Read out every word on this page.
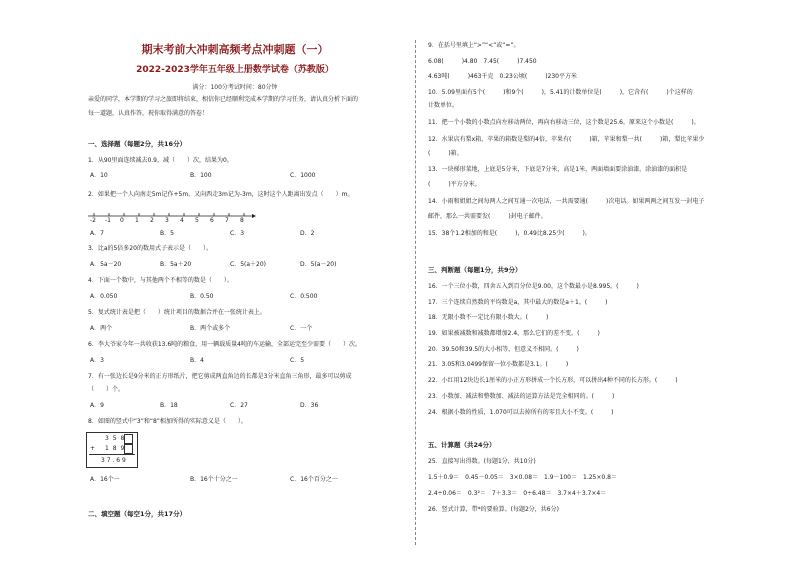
期末考前大冲刺高频考点冲刺题（一）
2022-2023学年五年级上册数学试卷（苏教版）
满分：100分考试时间：80分钟
亲爱的同学，本学期的学习之旅即将结束，相信你已经顺利完成本学期的学习任务，请认真分析下面的
每一道题，认真作答，祝你取得满意的答卷！
一、选择题（每题2分，共16分）
1．从90里面连续减去0.9，减（　　）次，结果为0。
A．10	B．100	C．1000
2．如果把一个人向南走5m记作+5m，又向西走3m记为-3m，这时这个人距离出发点（　　）m。
-2 -1 0 1 2 3 4 5 6 7 8
A．7	B．5	C．3	D．2
3．比a的5倍多20的数用式子表示是（　　）。
A．5a－20	B．5a＋20	C．5(a＋20)	D．5(a－20)
4．下面一个数中，与其他两个不相等的数是（　　）。
A．0.050	B．0.50	C．0.500
5．复式统计表是把（　　）统计项目的数据合并在一张统计表上。
A．两个	B．两个或多个	C．一个
6．李大爷家今年一共收获13.6吨的粮食，用一辆载质量4吨的车运输，全部运完至少需要（　　）次。
A．3	B．4	C．5
7．有一张边长是9分米的正方形纸片，把它剪成两直角边的长都是3分米直角三角形，最多可以剪成
（　　）个。
A．9	B．18	C．27	D．36
8．如图的竖式中“3”和“8”相加所得的实际意义是（　　）。
3 5 8
+ 1 8 9
3 7 . 6 9
A．16个一	B．16个十分之一	C．16个百分之一
二、填空题（每空1分，共17分）
9．在括号里填上“>”“<”或“=”。
6.08(　　　)4.80　7.45(　　　)7.450
4.63吨(　　　)463千克　0.23公顷(　　　)230平方米
10．5.09里面有5个(　　　)和9个(　　　)，5.41的计数单位是(　　　)，它含有(　　　)个这样的
计数单位。
11．把一个小数的小数点向左移动两位，再向右移动三位，这个数是25.6，原来这个小数是(　　　)。
12．水果店有梨x箱，苹果的箱数是梨的4倍，苹果有(　　　)箱，苹果和梨一共(　　　)箱，梨比苹果少
(　　　)箱。
13．一块梯形菜地，上底是5分米，下底是7分米，高是1米，两面墙面要涂油漆，涂油漆的面积是
(　　　)平方分米。
14．小雨和姐姐之间每两人之间互通一次电话，一共需要通(　　　)次电话。如果两两之间互发一封电子
邮件，那么一共需要发(　　　)封电子邮件。
15．38个1.2相加的和是(　　　)，0.49比8.25少(　　　)。
三、判断题（每题1分，共9分）
16．一个三位小数，四舍五入到百分位是9.00，这个数最小是8.995。(　　　)
17．三个连续自然数的平均数是a，其中最大的数是a＋1。(　　　)
18．无限小数不一定比有限小数大。(　　　)
19．如果被减数和减数都增加2.4，那么它们的差不变。(　　　)
20．39.50和39.5的大小相等，但意义不相同。(　　　)
21．3.05和3.0499保留一位小数都是3.1。(　　　)
22．小红用12块边长1厘米的小正方形拼成一个长方形，可以拼出4种不同的长方形。(　　　)
23．小数加、减法和整数加、减法的运算方法是完全相同的。(　　　)
24．根据小数的性质，1.070可以去掉所有的零且大小不变。(　　　)
五、计算题（共24分）
25．直接写出得数。(每题1分，共10分)
1.5＋0.9＝　0.45－0.05＝　3×0.08＝　1.9－100＝　1.25×0.8＝
2.4÷0.06＝　0.3²＝　7＋3.3＝　0÷6.48＝　3.7×4＋3.7×4＝
26．竖式计算，带*的要验算。(每题2分，共6分)
